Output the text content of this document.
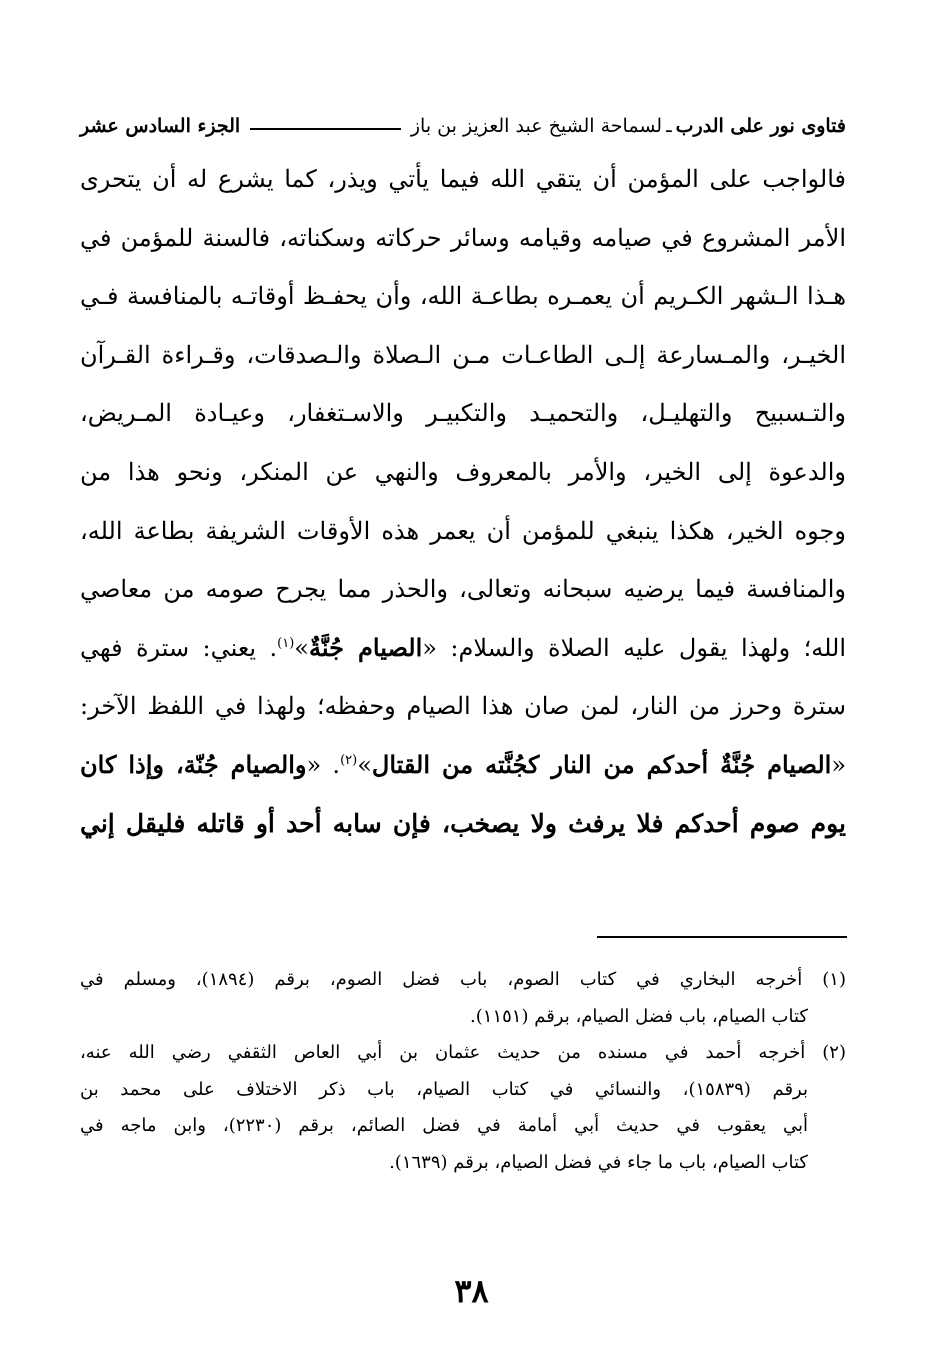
فتاوى نور على الدرب
ـ
لسماحة الشيخ عبد العزيز بن باز
الجزء السادس عشر
فالواجب على المؤمن أن يتقي الله فيما يأتي ويذر، كما يشرع له أن يتحرى
الأمر المشروع في صيامه وقيامه وسائر حركاته وسكناته، فالسنة للمؤمن في
هـذا الـشهر الكـريم أن يعمـره بطاعـة الله، وأن يحفـظ أوقاتـه بالمنافسة فـي
الخيـر، والمـسارعة إلـى الطاعـات مـن الـصلاة والـصدقات، وقـراءة القـرآن
والتـسبيح والتهليـل، والتحميـد والتكبيـر والاسـتغفار، وعيـادة المـريض،
والدعوة إلى الخير، والأمر بالمعروف والنهي عن المنكر، ونحو هذا من
وجوه الخير، هكذا ينبغي للمؤمن أن يعمر هذه الأوقات الشريفة بطاعة الله،
والمنافسة فيما يرضيه سبحانه وتعالى، والحذر مما يجرح صومه من معاصي
الله؛ ولهذا يقول عليه الصلاة والسلام: «الصيام جُنَّةٌ»$^{(١)}$. يعني: سترة فهي
سترة وحرز من النار، لمن صان هذا الصيام وحفظه؛ ولهذا في اللفظ الآخر:
«الصيام جُنَّةٌ أحدكم من النار كجُنَّته من القتال»$^{(٢)}$. «والصيام جُنّة، وإذا كان
يوم صوم أحدكم فلا يرفث ولا يصخب، فإن سابه أحد أو قاتله فليقل إني
(١) أخرجه البخاري في كتاب الصوم، باب فضل الصوم، برقم (١٨٩٤)، ومسلم في
كتاب الصيام، باب فضل الصيام، برقم (١١٥١).
(٢) أخرجه أحمد في مسنده من حديث عثمان بن أبي العاص الثقفي رضي الله عنه،
برقم (١٥٨٣٩)، والنسائي في كتاب الصيام، باب ذكر الاختلاف على محمد بن
أبي يعقوب في حديث أبي أمامة في فضل الصائم، برقم (٢٢٣٠)، وابن ماجه في
كتاب الصيام، باب ما جاء في فضل الصيام، برقم (١٦٣٩).
٣٨
